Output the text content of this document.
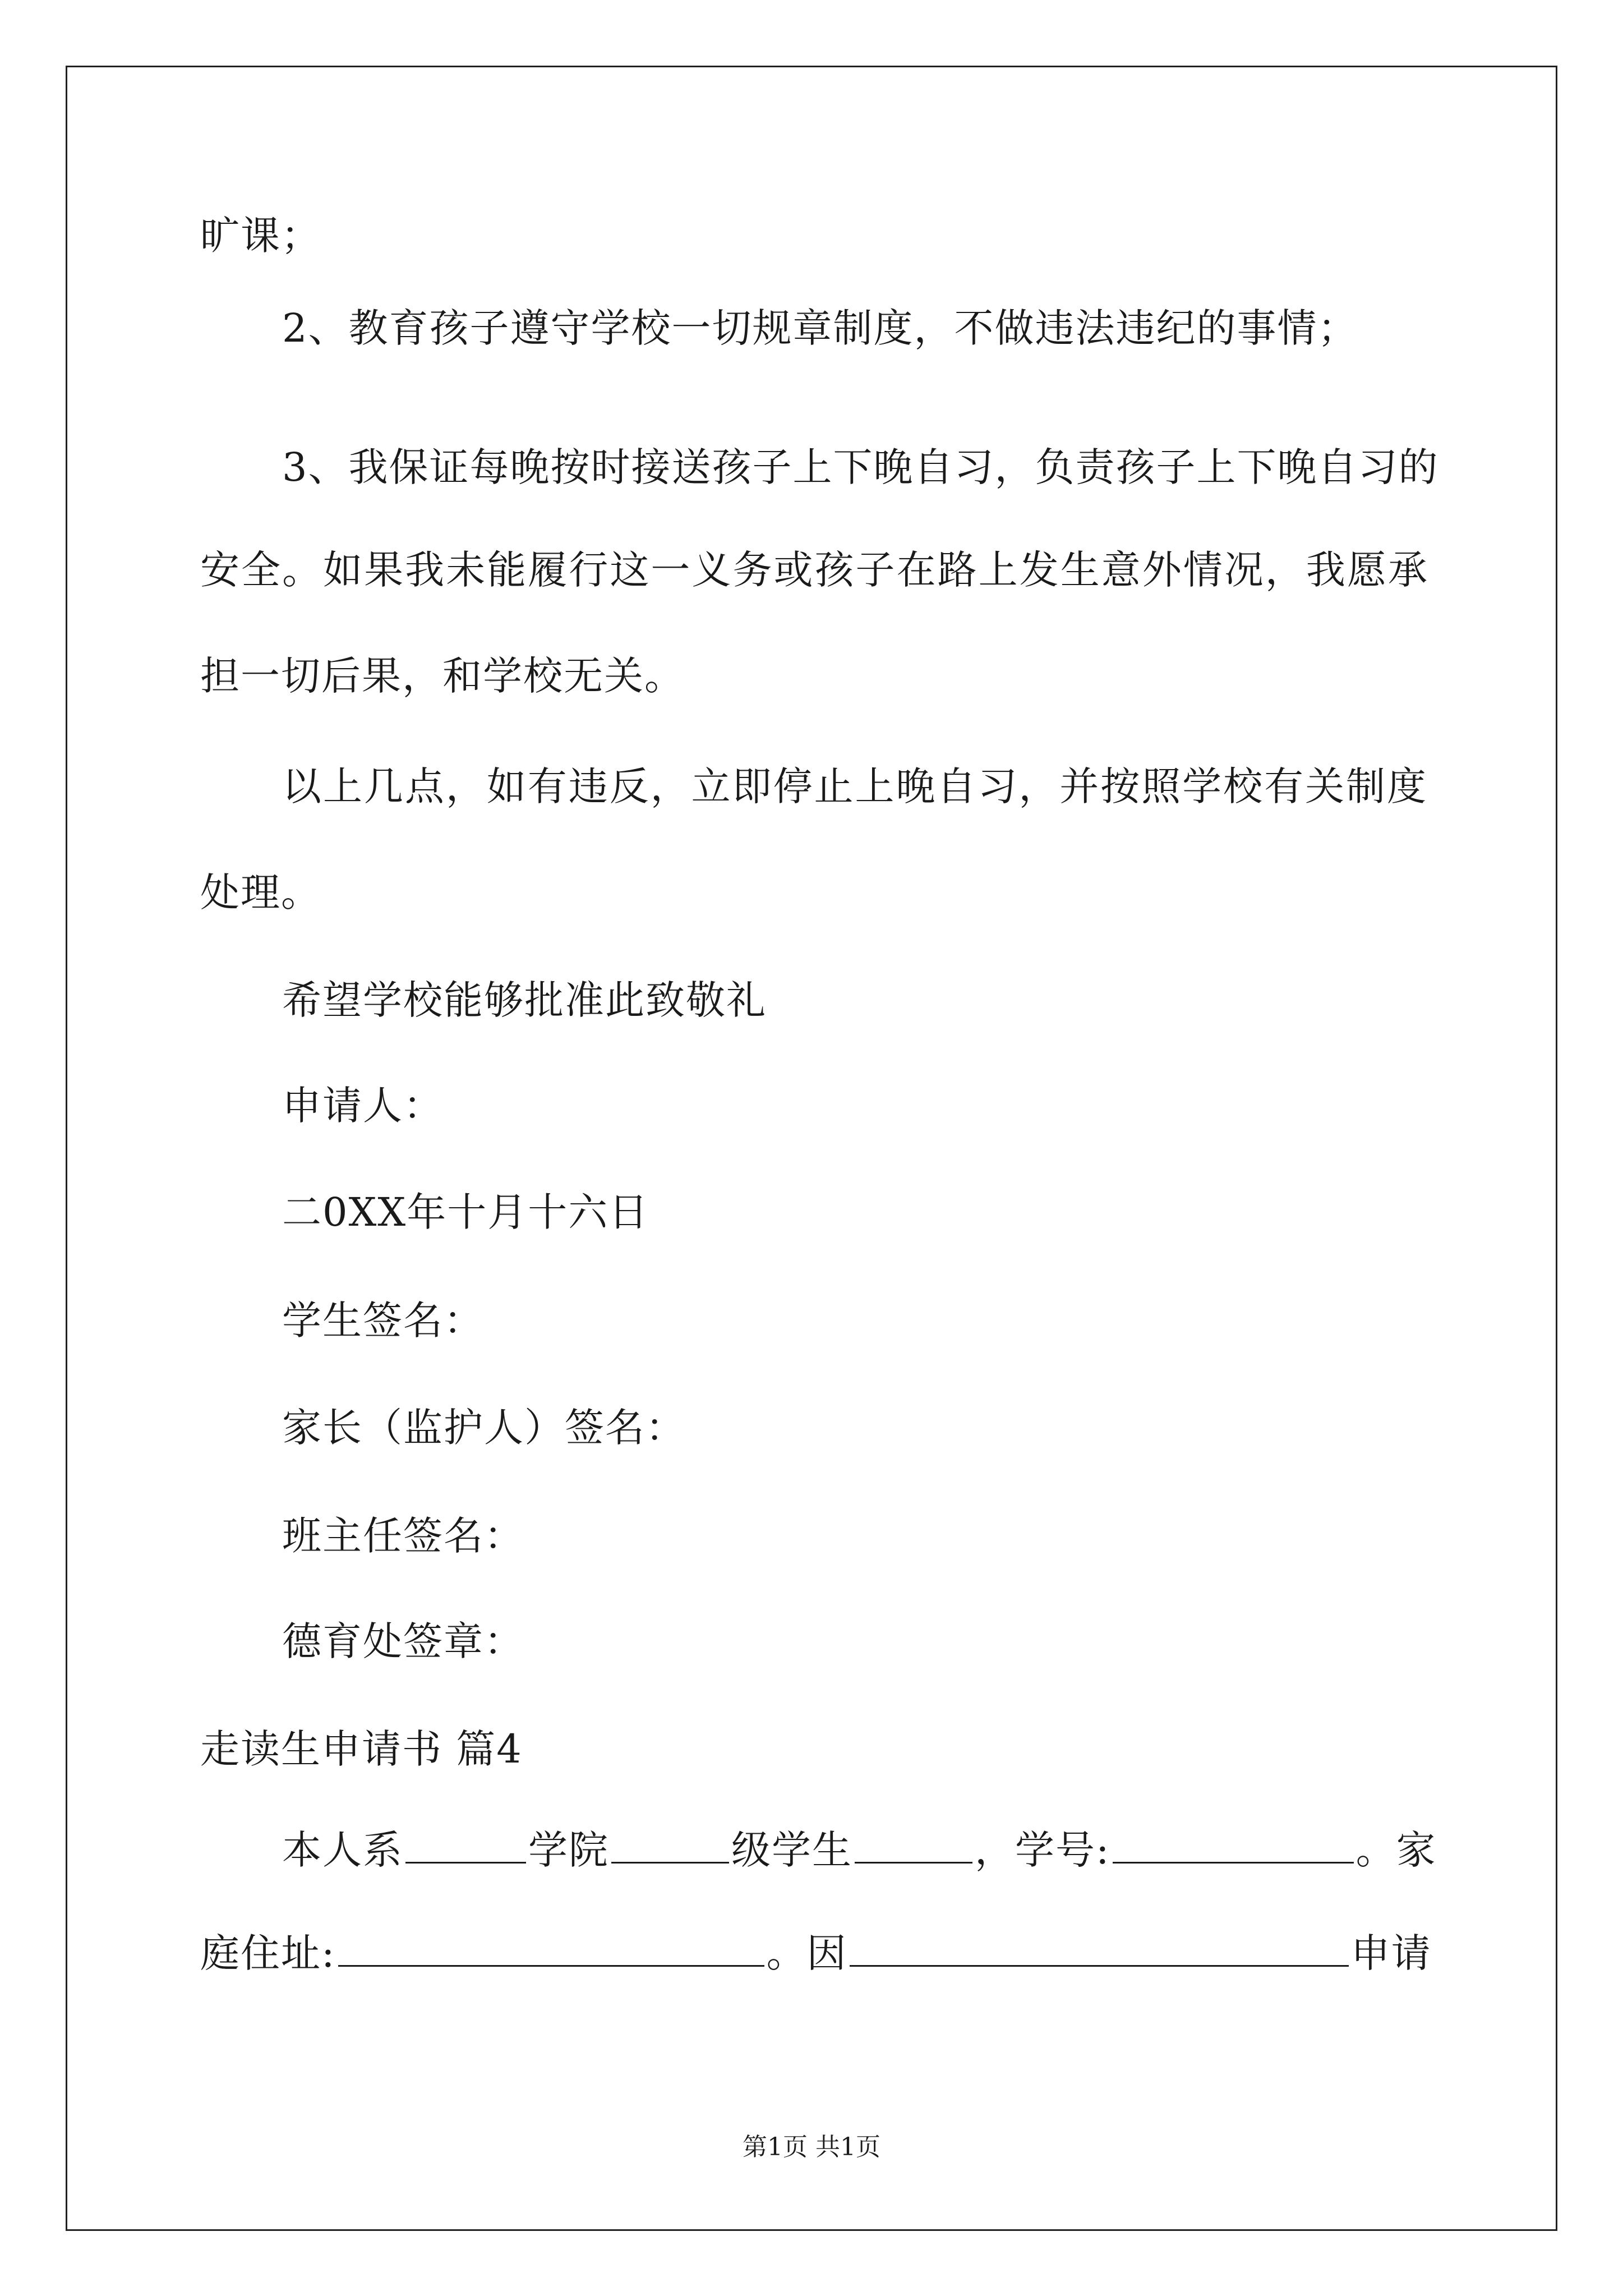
旷课；
2、教育孩子遵守学校一切规章制度，不做违法违纪的事情；
3、我保证每晚按时接送孩子上下晚自习，负责孩子上下晚自习的
安全。如果我未能履行这一义务或孩子在路上发生意外情况，我愿承
担一切后果，和学校无关。
以上几点，如有违反，立即停止上晚自习，并按照学校有关制度
处理。
希望学校能够批准此致敬礼
申请人：
二0XX年十月十六日
学生签名：
家长（监护人）签名：
班主任签名：
德育处签章：
走读生申请书 篇4
本人系	学院	级学生	，学号:	。家
庭住址:	。因	申请
第1页 共1页
